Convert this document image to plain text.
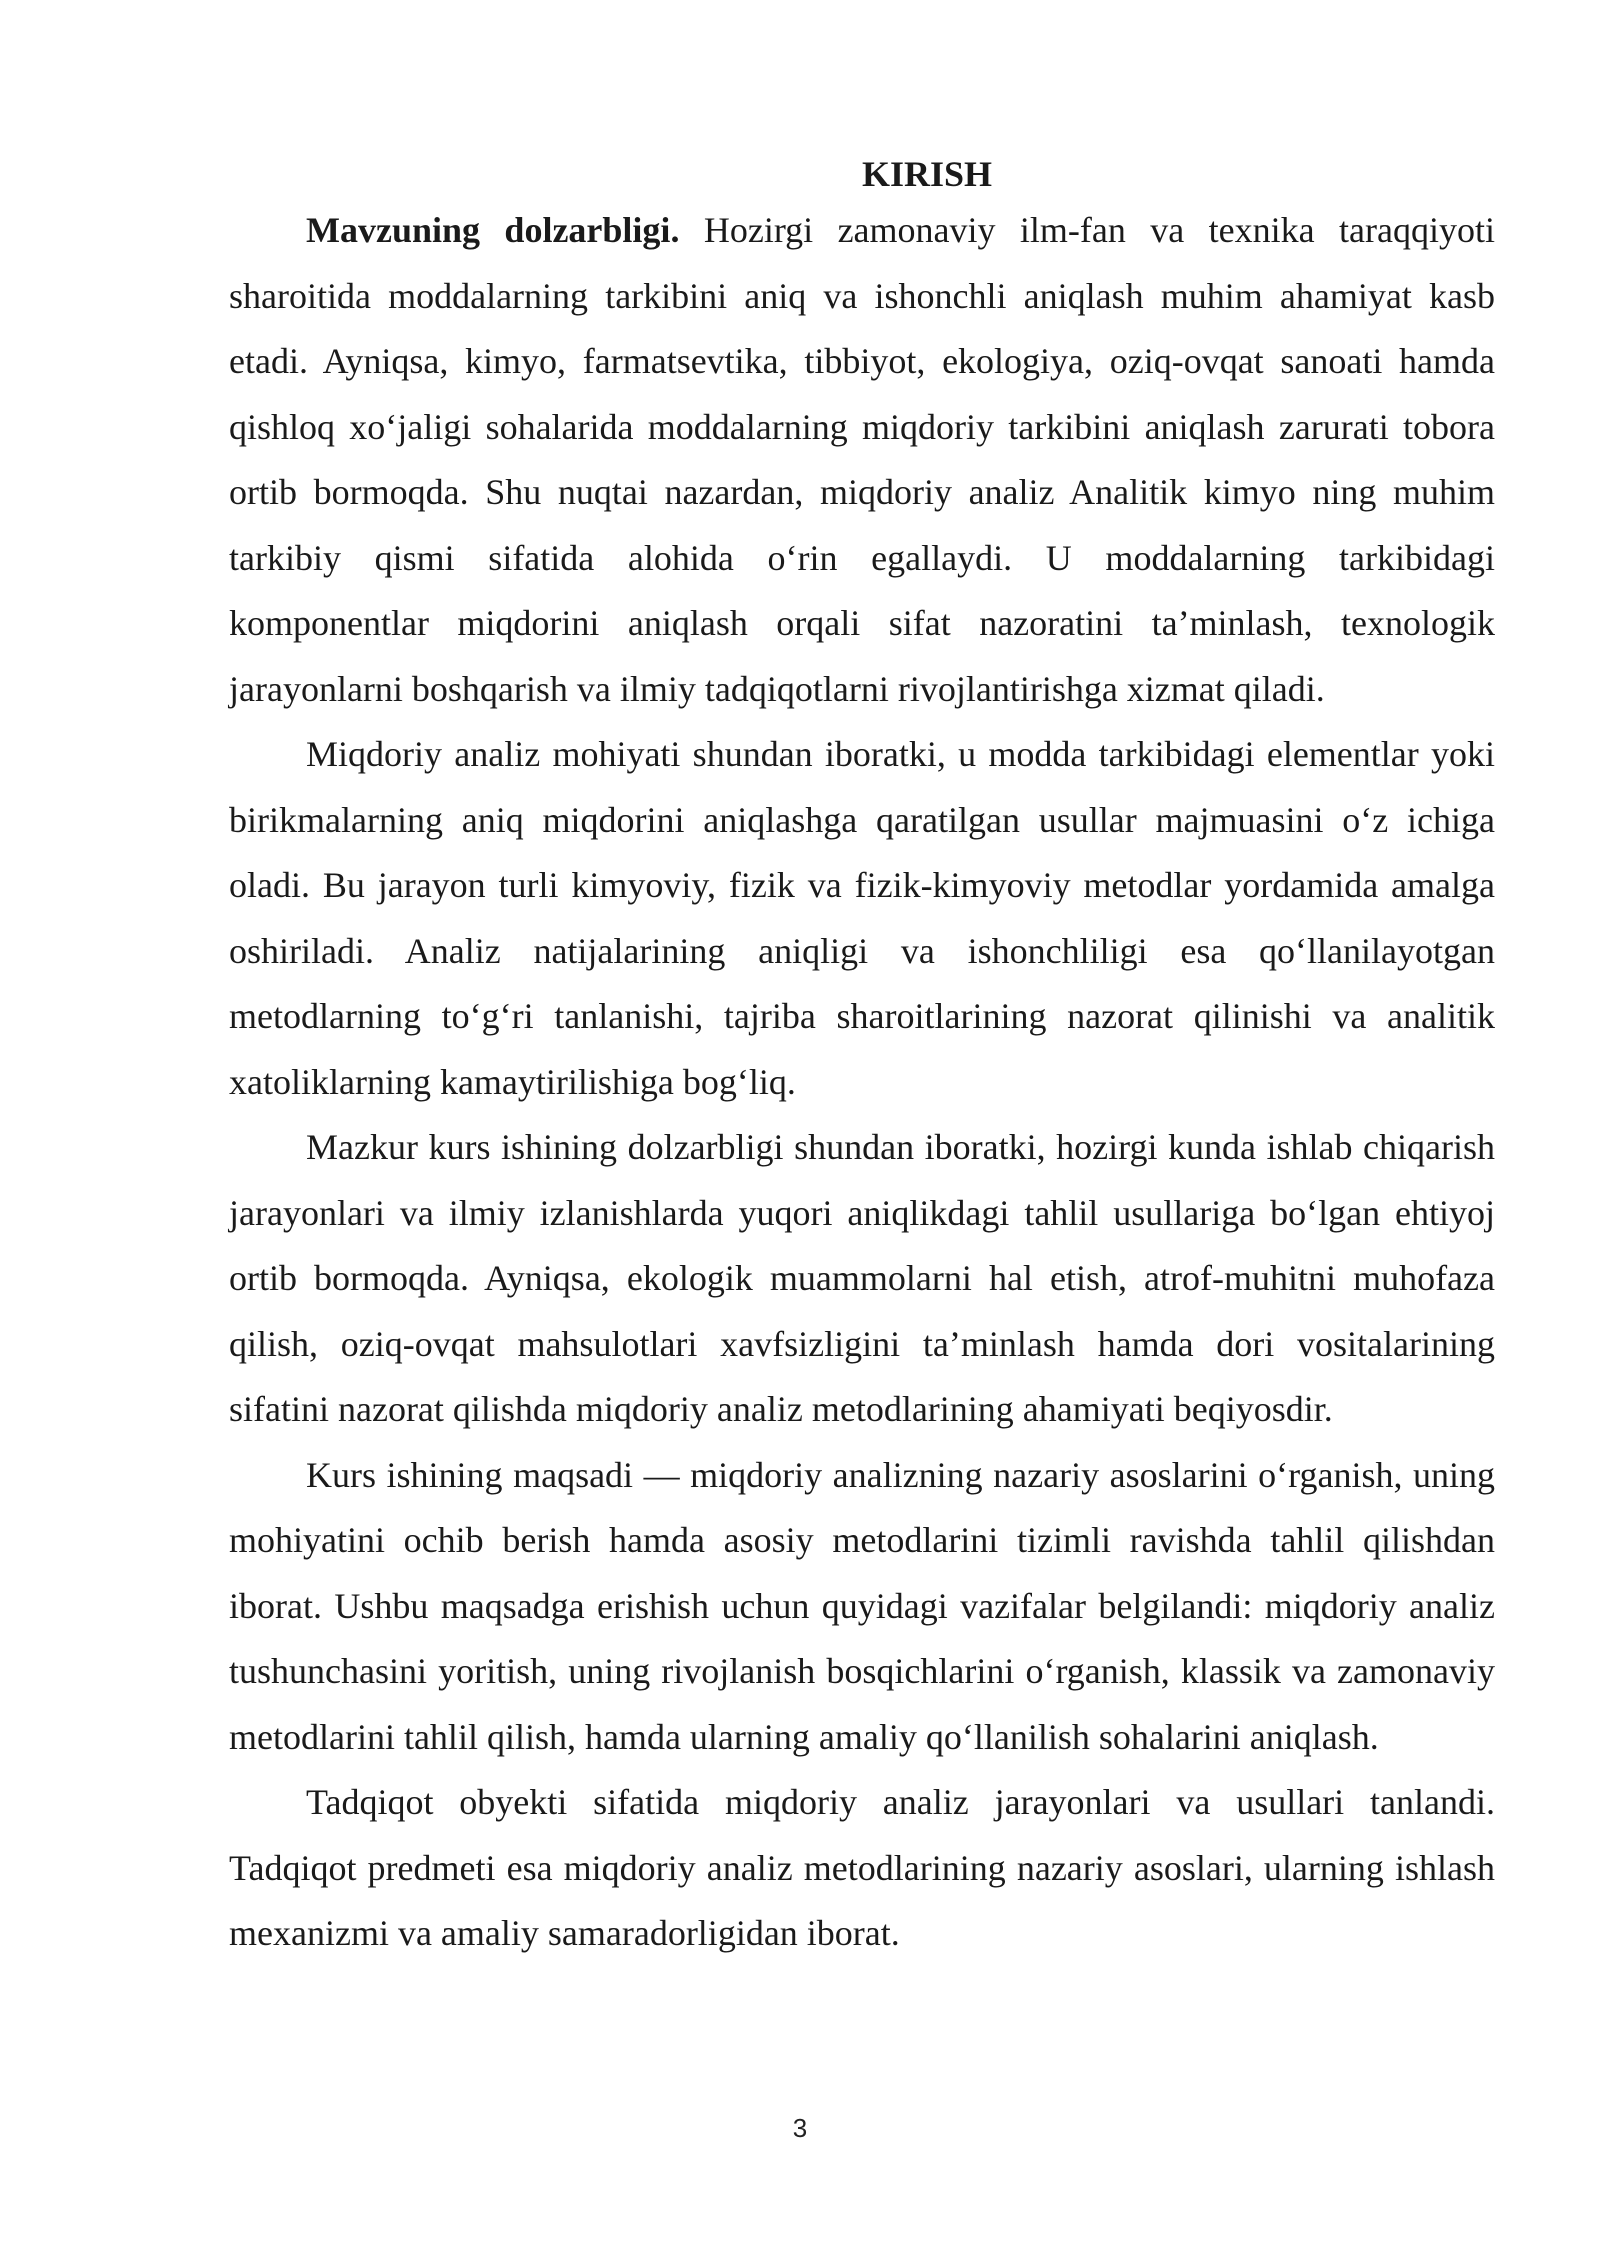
KIRISH

Mavzuning dolzarbligi. Hozirgi zamonaviy ilm-fan va texnika taraqqiyoti sharoitida moddalarning tarkibini aniq va ishonchli aniqlash muhim ahamiyat kasb etadi. Ayniqsa, kimyo, farmatsevtika, tibbiyot, ekologiya, oziq-ovqat sanoati hamda qishloq xo‘jaligi sohalarida moddalarning miqdoriy tarkibini aniqlash zarurati tobora ortib bormoqda. Shu nuqtai nazardan, miqdoriy analiz Analitik kimyo ning muhim tarkibiy qismi sifatida alohida o‘rin egallaydi. U moddalarning tarkibidagi komponentlar miqdorini aniqlash orqali sifat nazoratini ta’minlash, texnologik jarayonlarni boshqarish va ilmiy tadqiqotlarni rivojlantirishga xizmat qiladi.

Miqdoriy analiz mohiyati shundan iboratki, u modda tarkibidagi elementlar yoki birikmalarning aniq miqdorini aniqlashga qaratilgan usullar majmuasini o‘z ichiga oladi. Bu jarayon turli kimyoviy, fizik va fizik-kimyoviy metodlar yordamida amalga oshiriladi. Analiz natijalarining aniqligi va ishonchliligi esa qo‘llanilayotgan metodlarning to‘g‘ri tanlanishi, tajriba sharoitlarining nazorat qilinishi va analitik xatoliklarning kamaytirilishiga bog‘liq.

Mazkur kurs ishining dolzarbligi shundan iboratki, hozirgi kunda ishlab chiqarish jarayonlari va ilmiy izlanishlarda yuqori aniqlikdagi tahlil usullariga bo‘lgan ehtiyoj ortib bormoqda. Ayniqsa, ekologik muammolarni hal etish, atrof-muhitni muhofaza qilish, oziq-ovqat mahsulotlari xavfsizligini ta’minlash hamda dori vositalarining sifatini nazorat qilishda miqdoriy analiz metodlarining ahamiyati beqiyosdir.

Kurs ishining maqsadi — miqdoriy analizning nazariy asoslarini o‘rganish, uning mohiyatini ochib berish hamda asosiy metodlarini tizimli ravishda tahlil qilishdan iborat. Ushbu maqsadga erishish uchun quyidagi vazifalar belgilandi: miqdoriy analiz tushunchasini yoritish, uning rivojlanish bosqichlarini o‘rganish, klassik va zamonaviy metodlarini tahlil qilish, hamda ularning amaliy qo‘llanilish sohalarini aniqlash.

Tadqiqot obyekti sifatida miqdoriy analiz jarayonlari va usullari tanlandi. Tadqiqot predmeti esa miqdoriy analiz metodlarining nazariy asoslari, ularning ishlash mexanizmi va amaliy samaradorligidan iborat.

3
